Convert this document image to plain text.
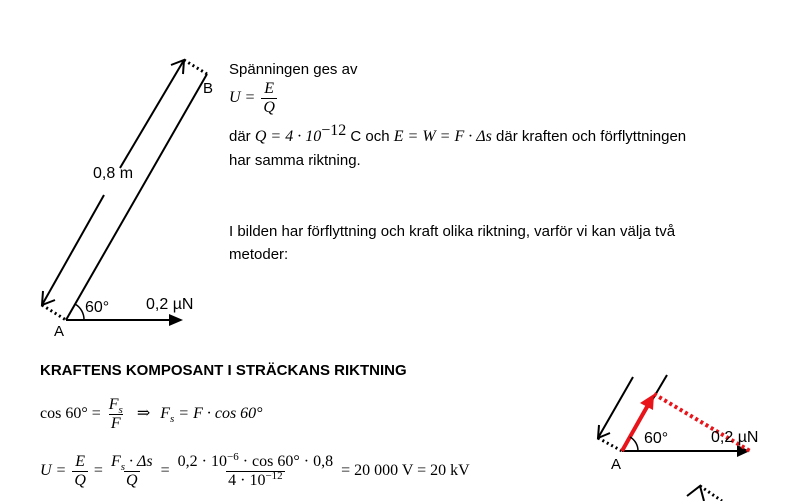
B
A
0,8 m
60° 0,2 µN
Spänningen ges av
$U = \frac{E}{Q}$
där $Q = 4 \cdot 10^{-12}$ C och E = W = F · Δs där kraften och förflyttningen
har samma riktning.
I bilden har förflyttning och kraft olika riktning, varför vi kan välja två
metoder:
KRAFTENS KOMPOSANT I STRÄCKANS RIKTNING
$\cos 60^\circ = \frac{F_s}{F}$ ⇒ $F_s = F \cdot \cos 60^\circ$
$U = \frac{E}{Q} = \frac{F_s \cdot \Delta s}{Q} = \frac{0,2 \cdot 10^{-6} \cdot \cos 60^\circ \cdot 0,8}{4 \cdot 10^{-12}} = 20$ 000 V = 20 kV	A
60°	0,2 µN
